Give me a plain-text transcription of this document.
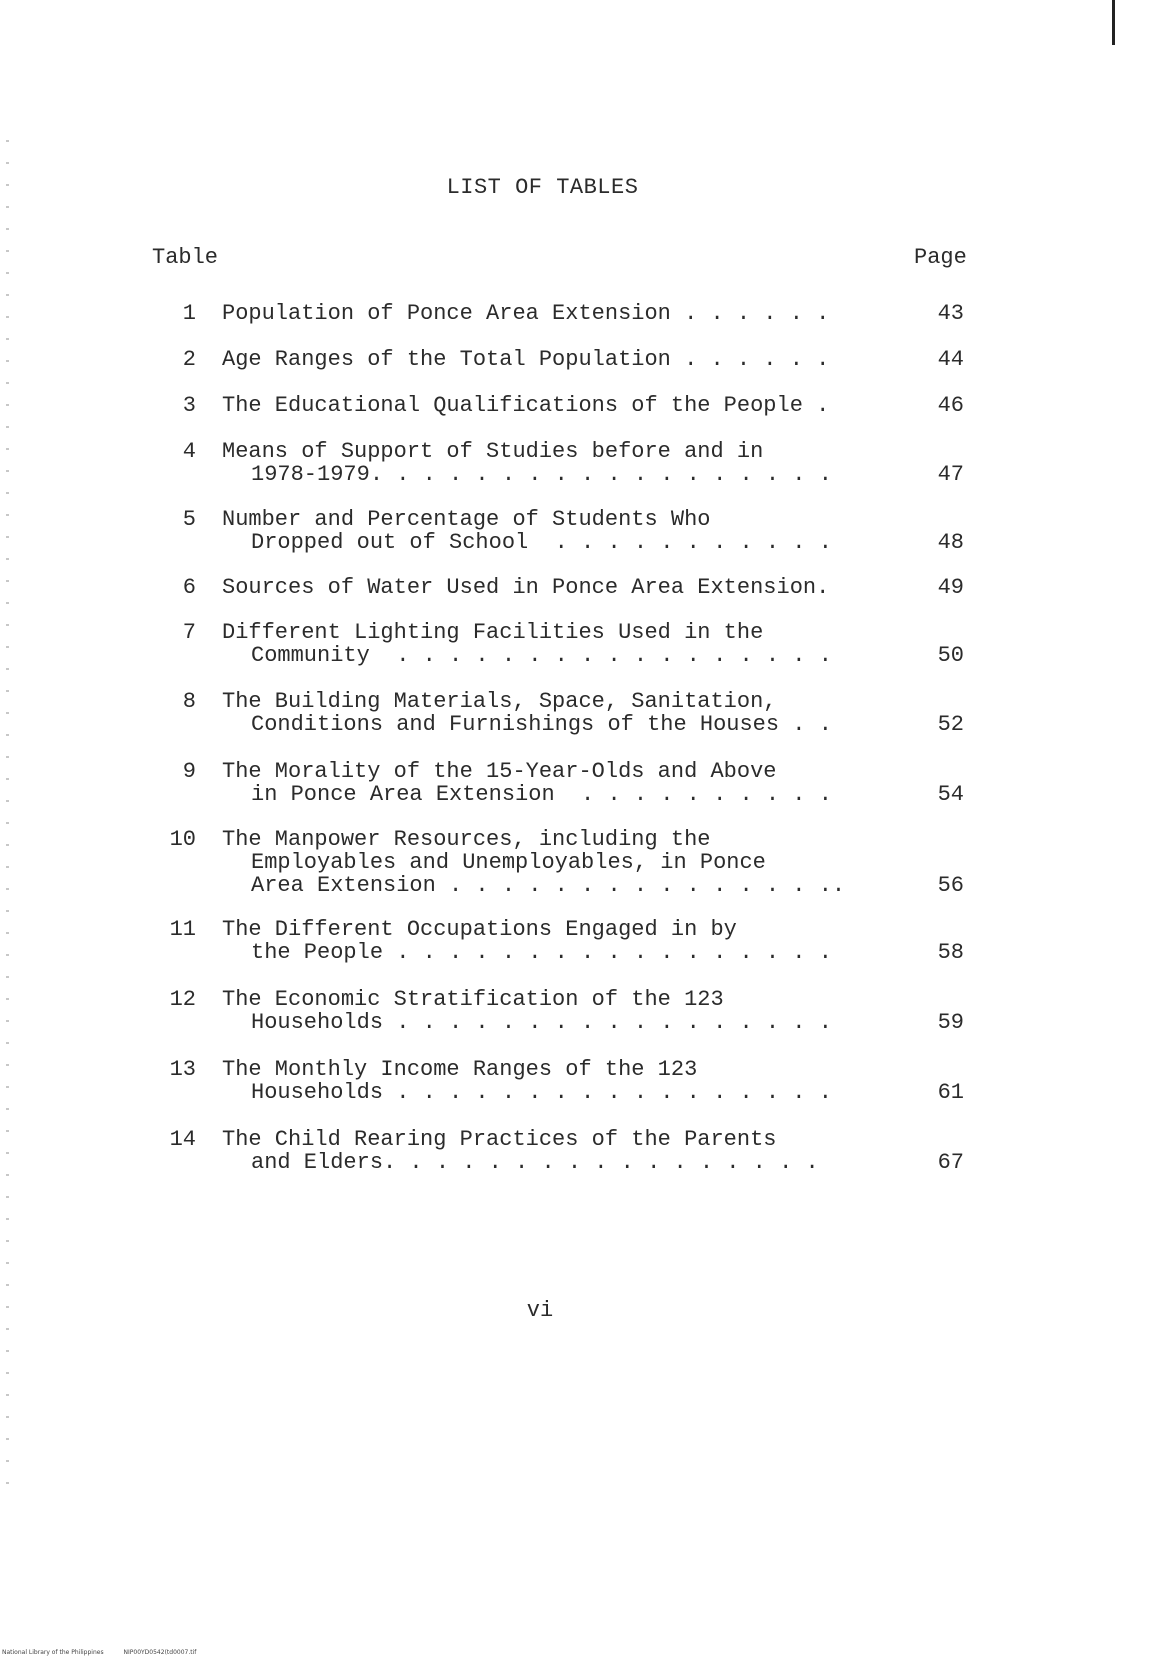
LIST OF TABLES
Table	Page
1 Population of Ponce Area Extension . . . . . .	43
2 Age Ranges of the Total Population . . . . . .	44
3 The Educational Qualifications of the People .	46
4 Means of Support of Studies before and in
1978-1979. . . . . . . . . . . . . . . . . .	47
5 Number and Percentage of Students Who
Dropped out of School  . . . . . . . . . . .	48
6 Sources of Water Used in Ponce Area Extension.	49
7 Different Lighting Facilities Used in the
Community  . . . . . . . . . . . . . . . . .	50
8 The Building Materials, Space, Sanitation,
Conditions and Furnishings of the Houses . .	52
9 The Morality of the 15-Year-Olds and Above
in Ponce Area Extension  . . . . . . . . . .	54
10 The Manpower Resources, including the
Employables and Unemployables, in Ponce
Area Extension . . . . . . . . . . . . . . ..	56
11 The Different Occupations Engaged in by
the People . . . . . . . . . . . . . . . . .	58
12 The Economic Stratification of the 123
Households . . . . . . . . . . . . . . . . .	59
13 The Monthly Income Ranges of the 123
Households . . . . . . . . . . . . . . . . .	61
14 The Child Rearing Practices of the Parents
and Elders. . . . . . . . . . . . . . . . .	67
vi
National Library of the Philippines	NIP00YD0542(td0007.tif
